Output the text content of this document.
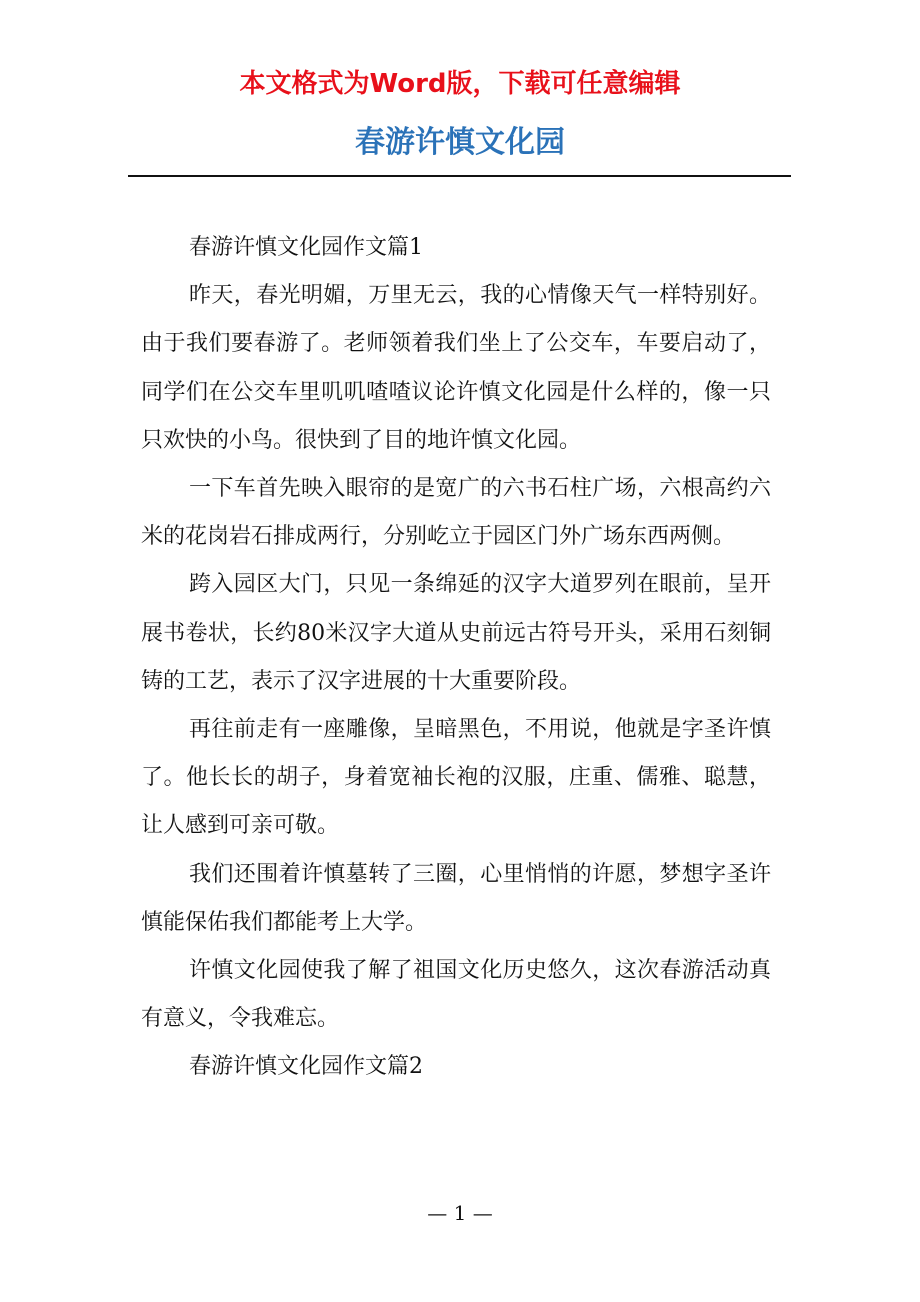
本文格式为Word版，下载可任意编辑
春游许慎文化园

春游许慎文化园作文篇1

昨天，春光明媚，万里无云，我的心情像天气一样特别好。由于我们要春游了。老师领着我们坐上了公交车，车要启动了，同学们在公交车里叽叽喳喳议论许慎文化园是什么样的，像一只只欢快的小鸟。很快到了目的地许慎文化园。

一下车首先映入眼帘的是宽广的六书石柱广场，六根高约六米的花岗岩石排成两行，分别屹立于园区门外广场东西两侧。

跨入园区大门，只见一条绵延的汉字大道罗列在眼前，呈开展书卷状，长约80米汉字大道从史前远古符号开头，采用石刻铜铸的工艺，表示了汉字进展的十大重要阶段。

再往前走有一座雕像，呈暗黑色，不用说，他就是字圣许慎了。他长长的胡子，身着宽袖长袍的汉服，庄重、儒雅、聪慧，让人感到可亲可敬。

我们还围着许慎墓转了三圈，心里悄悄的许愿，梦想字圣许慎能保佑我们都能考上大学。

许慎文化园使我了解了祖国文化历史悠久，这次春游活动真有意义，令我难忘。

春游许慎文化园作文篇2

— 1 —
